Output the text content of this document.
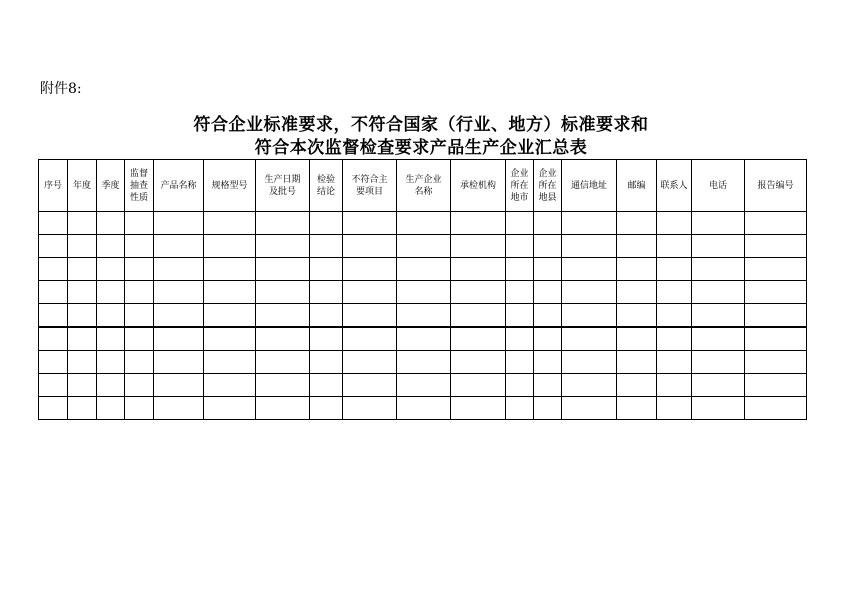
附件8:
符合企业标准要求，不符合国家（行业、地方）标准要求和
符合本次监督检查要求产品生产企业汇总表
序号	年度	季度	监督
抽查
性质	产品名称	规格型号	生产日期
及批号	检验
结论	不符合主
要项目	生产企业
名称	承检机构	企业
所在
地市	企业
所在
地县	通信地址	邮编	联系人	电话	报告编号
